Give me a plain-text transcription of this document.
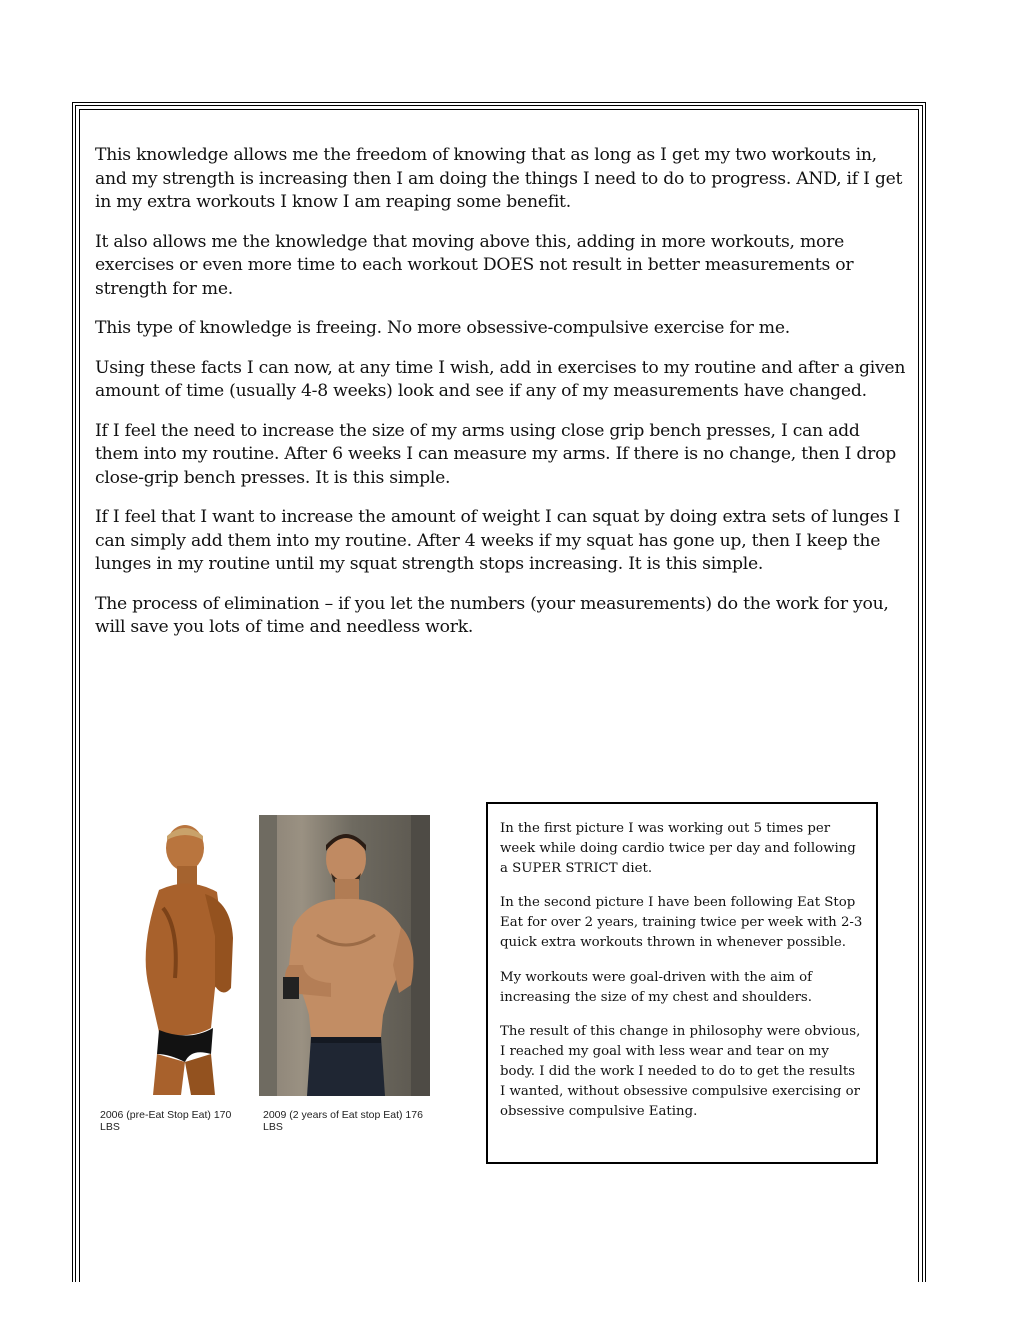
This knowledge allows me the freedom of knowing that as long as I get my two workouts in, and my strength is increasing then I am doing the things I need to do to progress. AND, if I get in my extra workouts I know I am reaping some benefit.

It also allows me the knowledge that moving above this, adding in more workouts, more exercises or even more time to each workout DOES not result in better measurements or strength for me.

This type of knowledge is freeing. No more obsessive-compulsive exercise for me.

Using these facts I can now, at any time I wish, add in exercises to my routine and after a given amount of time (usually 4-8 weeks) look and see if any of my measurements have changed.

If I feel the need to increase the size of my arms using close grip bench presses, I can add them into my routine. After 6 weeks I can measure my arms. If there is no change, then I drop close-grip bench presses. It is this simple.

If I feel that I want to increase the amount of weight I can squat by doing extra sets of lunges I can simply add them into my routine. After 4 weeks if my squat has gone up, then I keep the lunges in my routine until my squat strength stops increasing. It is this simple.

The process of elimination – if you let the numbers (your measurements) do the work for you, will save you lots of time and needless work.

2006 (pre-Eat Stop Eat) 170 LBS
2009 (2 years of Eat stop Eat) 176 LBS

In the first picture I was working out 5 times per week while doing cardio twice per day and following a SUPER STRICT diet.

In the second picture I have been following Eat Stop Eat for over 2 years, training twice per week with 2-3 quick extra workouts thrown in whenever possible.

My workouts were goal-driven with the aim of increasing the size of my chest and shoulders.

The result of this change in philosophy were obvious, I reached my goal with less wear and tear on my body. I did the work I needed to do to get the results I wanted, without obsessive compulsive exercising or obsessive compulsive Eating.
